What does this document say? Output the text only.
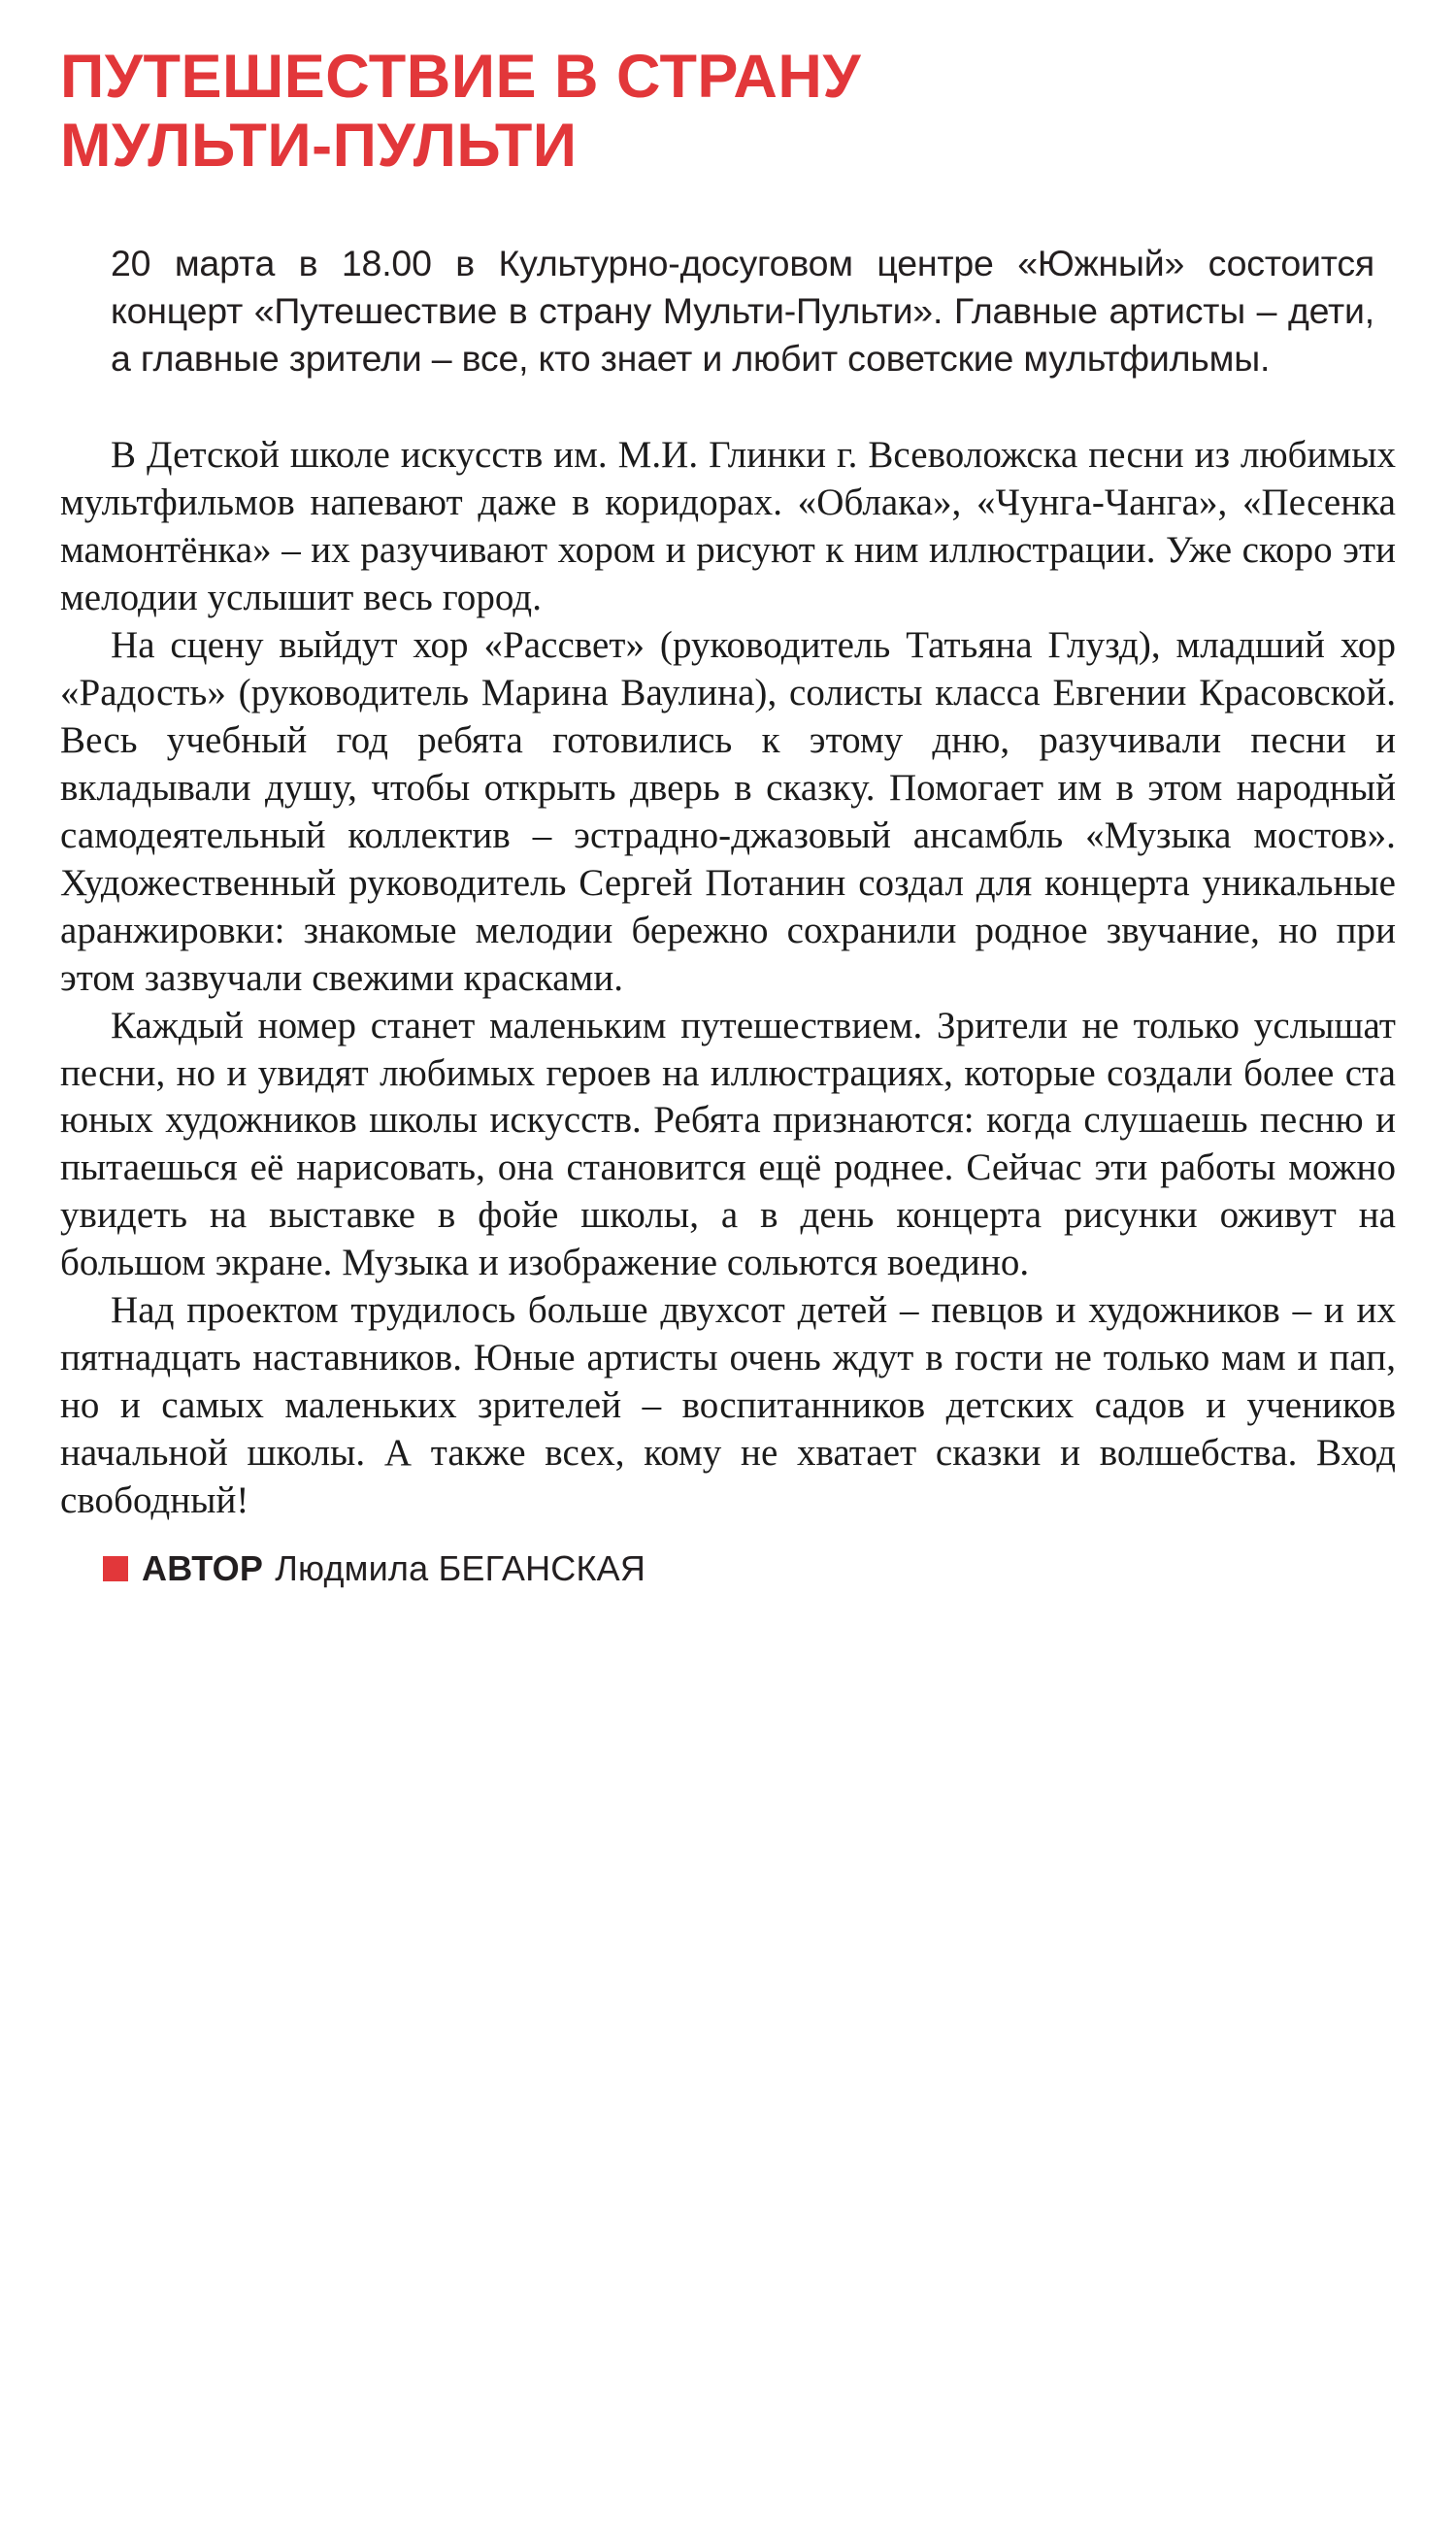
ПУТЕШЕСТВИЕ В СТРАНУ
МУЛЬТИ-ПУЛЬТИ
20 марта в 18.00 в Культурно-досуговом центре «Южный» состоится концерт «Путешествие в страну Мульти-Пульти». Главные артисты – дети, а главные зрители – все, кто знает и любит советские мультфильмы.

В Детской школе искусств им. М.И. Глинки г. Всеволожска песни из любимых мультфильмов напевают даже в коридорах. «Облака», «Чунга-Чанга», «Песенка мамонтёнка» – их разучивают хором и рисуют к ним иллюстрации. Уже скоро эти мелодии услышит весь город.

На сцену выйдут хор «Рассвет» (руководитель Татьяна Глузд), младший хор «Радость» (руководитель Марина Ваулина), солисты класса Евгении Красовской. Весь учебный год ребята готовились к этому дню, разучивали песни и вкладывали душу, чтобы открыть дверь в сказку. Помогает им в этом народный самодеятельный коллектив – эстрадно-джазовый ансамбль «Музыка мостов». Художественный руководитель Сергей Потанин создал для концерта уникальные аранжировки: знакомые мелодии бережно сохранили родное звучание, но при этом зазвучали свежими красками.

Каждый номер станет маленьким путешествием. Зрители не только услышат песни, но и увидят любимых героев на иллюстрациях, которые создали более ста юных художников школы искусств. Ребята признаются: когда слушаешь песню и пытаешься её нарисовать, она становится ещё роднее. Сейчас эти работы можно увидеть на выставке в фойе школы, а в день концерта рисунки оживут на большом экране. Музыка и изображение сольются воедино.

Над проектом трудилось больше двухсот детей – певцов и художников – и их пятнадцать наставников. Юные артисты очень ждут в гости не только мам и пап, но и самых маленьких зрителей – воспитанников детских садов и учеников начальной школы. А также всех, кому не хватает сказки и волшебства. Вход свободный!

АВТОР Людмила БЕГАНСКАЯ
